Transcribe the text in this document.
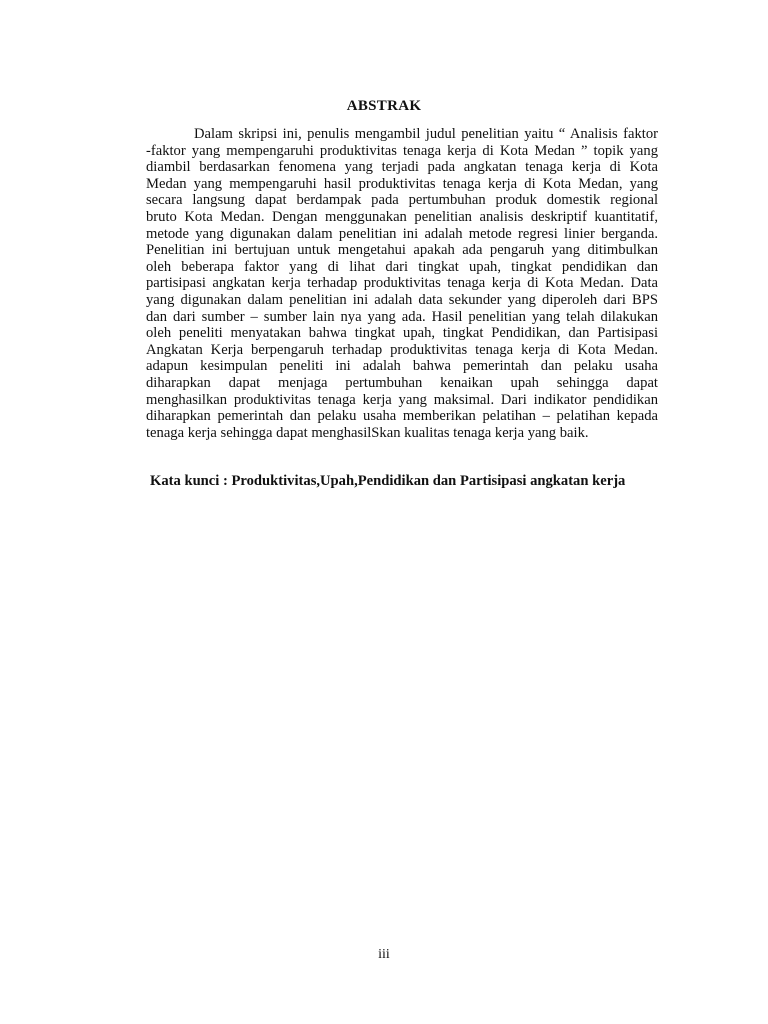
ABSTRAK
Dalam skripsi ini, penulis mengambil judul penelitian yaitu “ Analisis faktor
-faktor yang mempengaruhi produktivitas tenaga kerja di Kota Medan ” topik yang
diambil berdasarkan fenomena yang terjadi pada angkatan tenaga kerja di Kota
Medan yang mempengaruhi hasil produktivitas tenaga kerja di Kota Medan, yang
secara langsung dapat berdampak pada pertumbuhan produk domestik regional
bruto Kota Medan. Dengan menggunakan penelitian analisis deskriptif kuantitatif,
metode yang digunakan dalam penelitian ini adalah metode regresi linier berganda.
Penelitian ini bertujuan untuk mengetahui apakah ada pengaruh yang ditimbulkan
oleh beberapa faktor yang di lihat dari tingkat upah, tingkat pendidikan dan
partisipasi angkatan kerja terhadap produktivitas tenaga kerja di Kota Medan. Data
yang digunakan dalam penelitian ini adalah data sekunder yang diperoleh dari BPS
dan dari sumber – sumber lain nya yang ada. Hasil penelitian yang telah dilakukan
oleh peneliti menyatakan bahwa tingkat upah, tingkat Pendidikan, dan Partisipasi
Angkatan Kerja berpengaruh terhadap produktivitas tenaga kerja di Kota Medan.
adapun kesimpulan peneliti ini adalah bahwa pemerintah dan pelaku usaha
diharapkan dapat menjaga pertumbuhan kenaikan upah sehingga dapat
menghasilkan produktivitas tenaga kerja yang maksimal. Dari indikator pendidikan
diharapkan pemerintah dan pelaku usaha memberikan pelatihan – pelatihan kepada
tenaga kerja sehingga dapat menghasilSkan kualitas tenaga kerja yang baik.
Kata kunci : Produktivitas,Upah,Pendidikan dan Partisipasi angkatan kerja
iii
